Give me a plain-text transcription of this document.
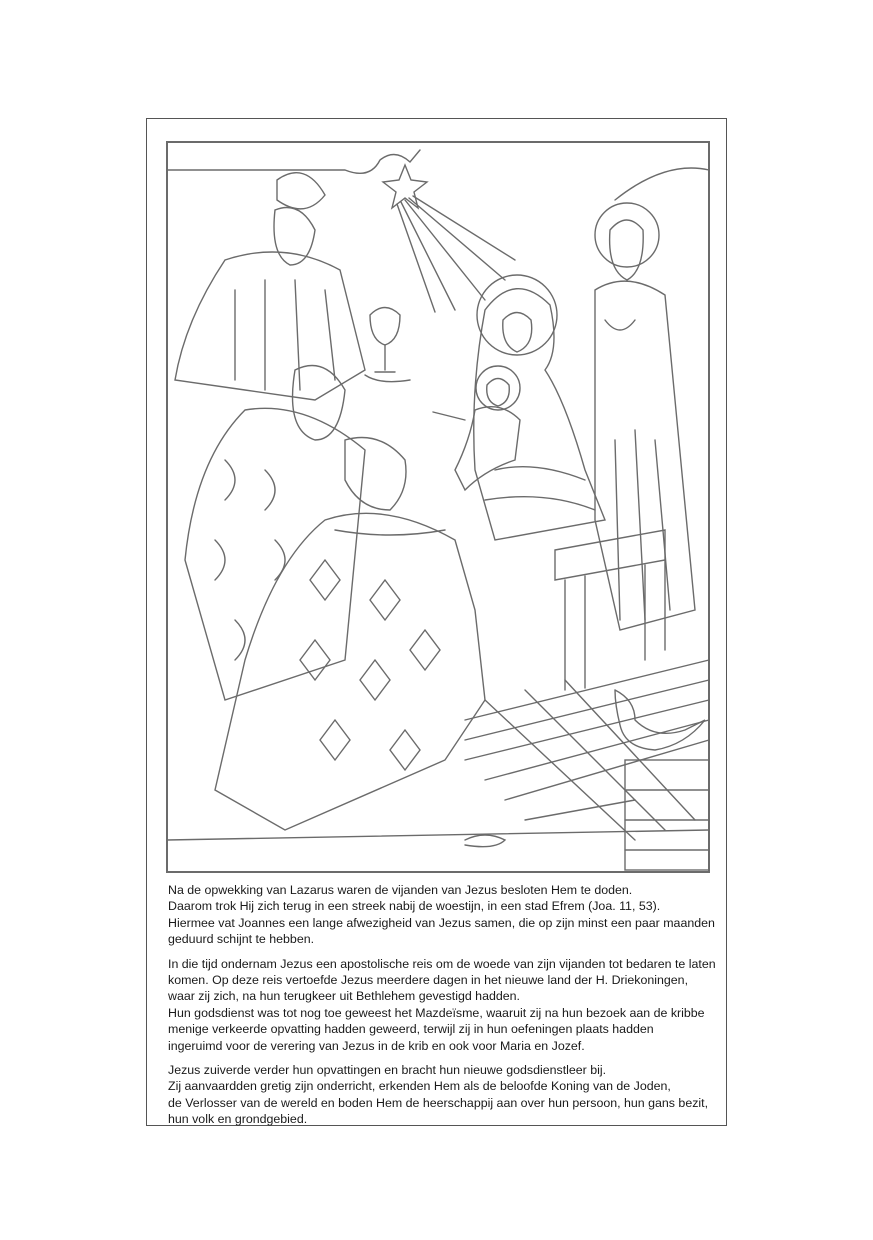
Na de opwekking van Lazarus waren de vijanden van Jezus besloten Hem te doden.
Daarom trok Hij zich terug in een streek nabij de woestijn, in een stad Efrem (Joa. 11, 53).
Hiermee vat Joannes een lange afwezigheid van Jezus samen, die op zijn minst een paar maanden
geduurd schijnt te hebben.

In die tijd ondernam Jezus een apostolische reis om de woede van zijn vijanden tot bedaren te laten
komen. Op deze reis vertoefde Jezus meerdere dagen in het nieuwe land der H. Driekoningen,
waar zij zich, na hun terugkeer uit Bethlehem gevestigd hadden.
Hun godsdienst was tot nog toe geweest het Mazdeïsme, waaruit zij na hun bezoek aan de kribbe
menige verkeerde opvatting hadden geweerd, terwijl zij in hun oefeningen plaats hadden
ingeruimd voor de verering van Jezus in de krib en ook voor Maria en Jozef.

Jezus zuiverde verder hun opvattingen en bracht hun nieuwe godsdienstleer bij.
Zij aanvaardden gretig zijn onderricht, erkenden Hem als de beloofde Koning van de Joden,
de Verlosser van de wereld en boden Hem de heerschappij aan over hun persoon, hun gans bezit,
hun volk en grondgebied.
